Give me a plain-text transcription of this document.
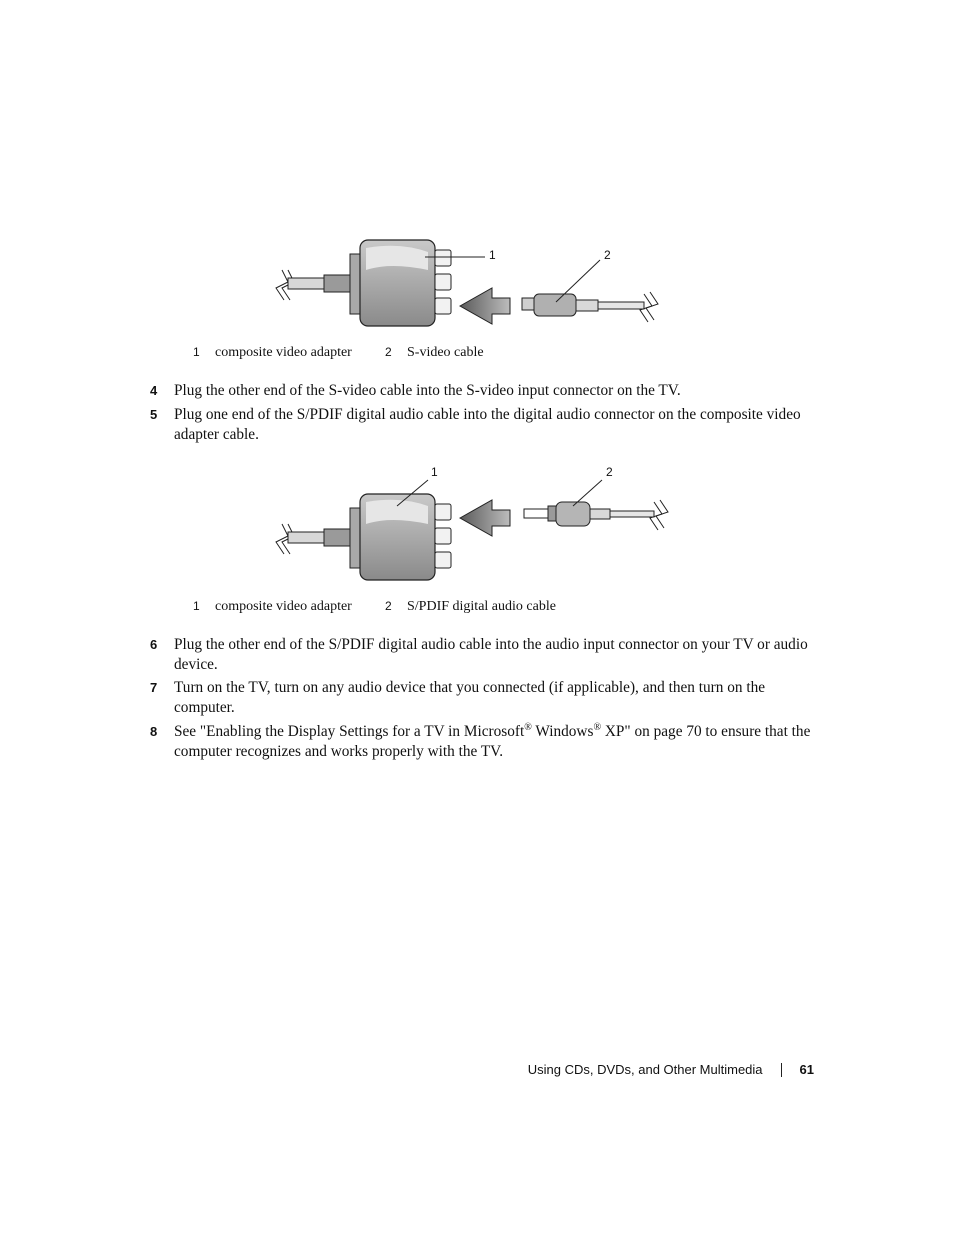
1	2
1	composite video adapter	2	S-video cable
4	Plug the other end of the S-video cable into the S-video input connector on the TV.
5	Plug one end of the S/PDIF digital audio cable into the digital audio connector on the composite video adapter cable.
1	2
1	composite video adapter	2	S/PDIF digital audio cable
6	Plug the other end of the S/PDIF digital audio cable into the audio input connector on your TV or audio device.
7	Turn on the TV, turn on any audio device that you connected (if applicable), and then turn on the computer.
8	See "Enabling the Display Settings for a TV in Microsoft® Windows® XP" on page 70 to ensure that the computer recognizes and works properly with the TV.
Using CDs, DVDs, and Other Multimedia	61
